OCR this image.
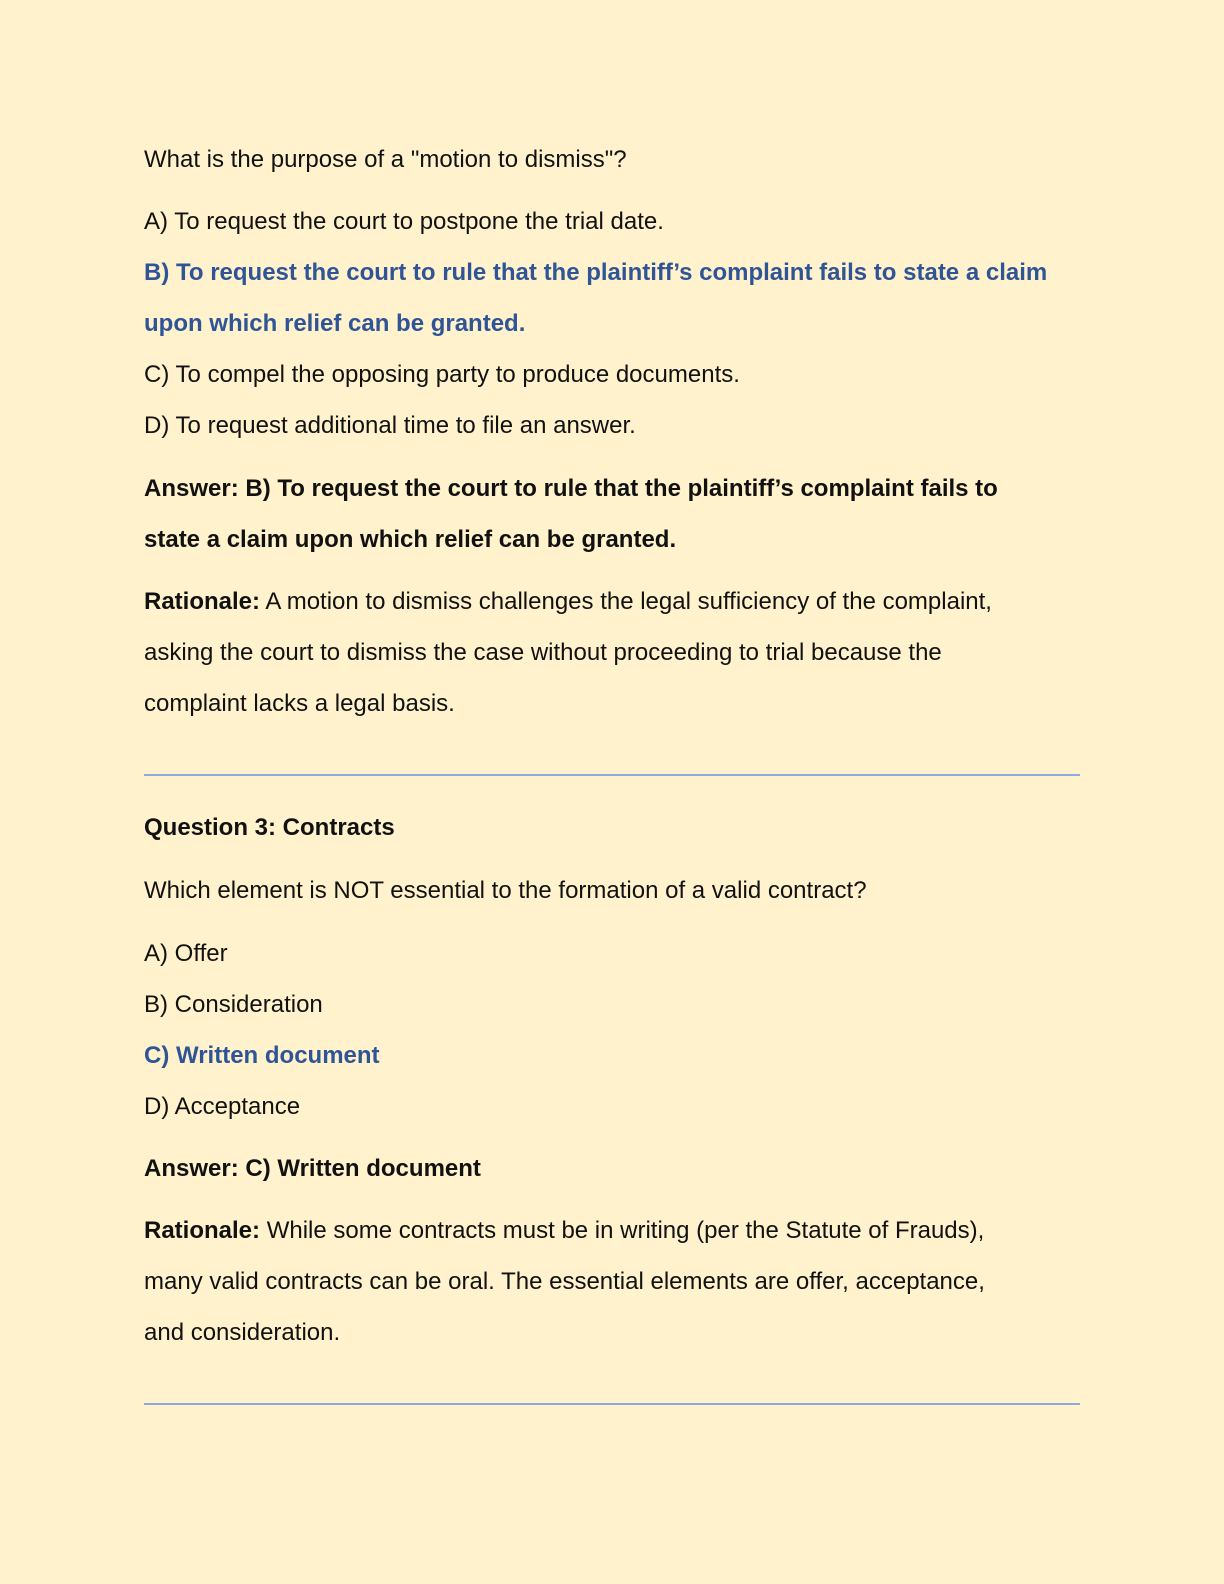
What is the purpose of a "motion to dismiss"?
A) To request the court to postpone the trial date.
B) To request the court to rule that the plaintiff’s complaint fails to state a claim
upon which relief can be granted.
C) To compel the opposing party to produce documents.
D) To request additional time to file an answer.
Answer: B) To request the court to rule that the plaintiff’s complaint fails to
state a claim upon which relief can be granted.
Rationale: A motion to dismiss challenges the legal sufficiency of the complaint,
asking the court to dismiss the case without proceeding to trial because the
complaint lacks a legal basis.
Question 3: Contracts
Which element is NOT essential to the formation of a valid contract?
A) Offer
B) Consideration
C) Written document
D) Acceptance
Answer: C) Written document
Rationale: While some contracts must be in writing (per the Statute of Frauds),
many valid contracts can be oral. The essential elements are offer, acceptance,
and consideration.
